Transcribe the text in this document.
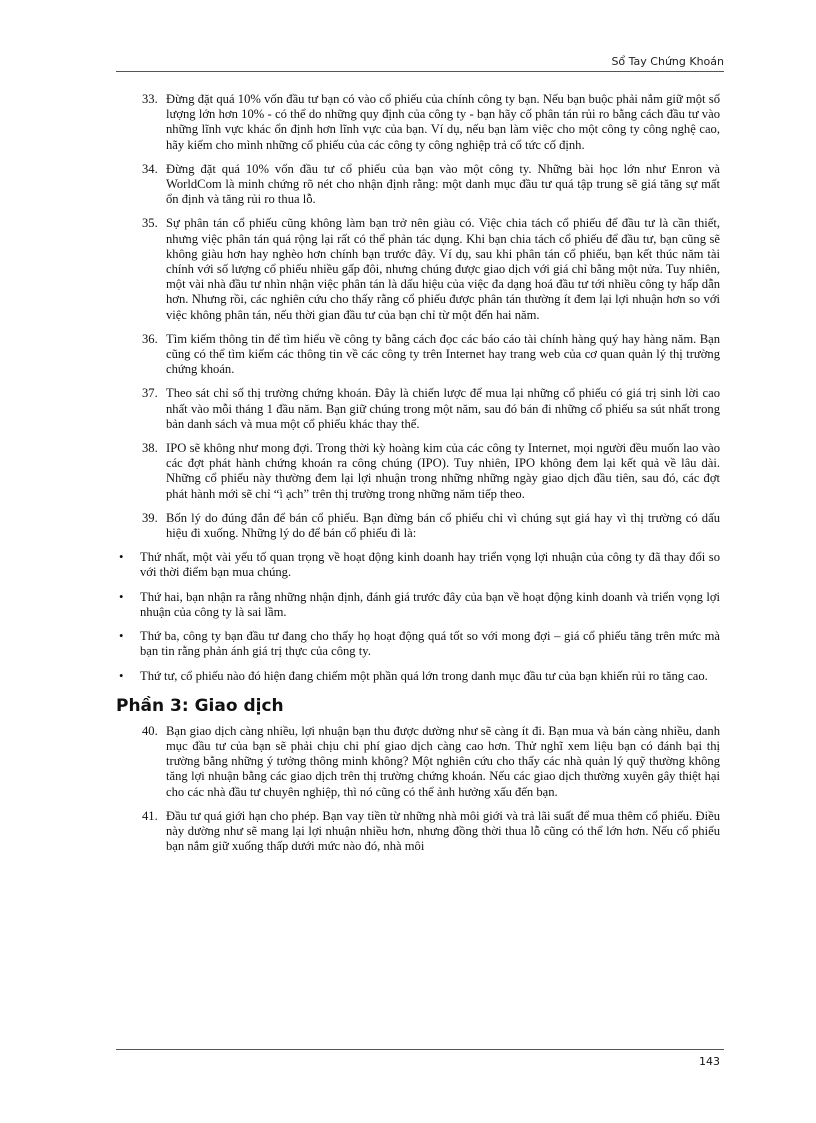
Sổ Tay Chứng Khoán
33. Đừng đặt quá 10% vốn đầu tư bạn có vào cổ phiếu của chính công ty bạn. Nếu bạn buộc phải nắm giữ một số lượng lớn hơn 10% - có thể do những quy định của công ty - bạn hãy cố phân tán rủi ro bằng cách đầu tư vào những lĩnh vực khác ổn định hơn lĩnh vực của bạn. Ví dụ, nếu bạn làm việc cho một công ty công nghệ cao, hãy kiếm cho mình những cổ phiếu của các công ty công nghiệp trả cổ tức cố định.
34. Đừng đặt quá 10% vốn đầu tư cổ phiếu của bạn vào một công ty. Những bài học lớn như Enron và WorldCom là minh chứng rõ nét cho nhận định rằng: một danh mục đầu tư quá tập trung sẽ giá tăng sự mất ổn định và tăng rủi ro thua lỗ.
35. Sự phân tán cổ phiếu cũng không làm bạn trở nên giàu có. Việc chia tách cổ phiếu để đầu tư là cần thiết, nhưng việc phân tán quá rộng lại rất có thể phản tác dụng. Khi bạn chia tách cổ phiếu để đầu tư, bạn cũng sẽ không giàu hơn hay nghèo hơn chính bạn trước đây. Ví dụ, sau khi phân tán cổ phiếu, bạn kết thúc năm tài chính với số lượng cổ phiếu nhiều gấp đôi, nhưng chúng được giao dịch với giá chỉ bằng một nửa. Tuy nhiên, một vài nhà đầu tư nhìn nhận việc phân tán là dấu hiệu của việc đa dạng hoá đầu tư tới nhiều công ty hấp dẫn hơn. Nhưng rồi, các nghiên cứu cho thấy rằng cổ phiếu được phân tán thường ít đem lại lợi nhuận hơn so với việc không phân tán, nếu thời gian đầu tư của bạn chỉ từ một đến hai năm.
36. Tìm kiếm thông tin để tìm hiểu về công ty bằng cách đọc các báo cáo tài chính hàng quý hay hàng năm. Bạn cũng có thể tìm kiếm các thông tin về các công ty trên Internet hay trang web của cơ quan quản lý thị trường chứng khoán.
37. Theo sát chỉ số thị trường chứng khoán. Đây là chiến lược để mua lại những cổ phiếu có giá trị sinh lời cao nhất vào mỗi tháng 1 đầu năm. Bạn giữ chúng trong một năm, sau đó bán đi những cổ phiếu sa sút nhất trong bản danh sách và mua một cổ phiếu khác thay thế.
38. IPO sẽ không như mong đợi. Trong thời kỳ hoàng kim của các công ty Internet, mọi người đều muốn lao vào các đợt phát hành chứng khoán ra công chúng (IPO). Tuy nhiên, IPO không đem lại kết quả về lâu dài. Những cổ phiếu này thường đem lại lợi nhuận trong những những ngày giao dịch đầu tiên, sau đó, các đợt phát hành mới sẽ chỉ “ì ạch” trên thị trường trong những năm tiếp theo.
39. Bốn lý do đúng đắn để bán cổ phiếu. Bạn đừng bán cổ phiếu chỉ vì chúng sụt giá hay vì thị trường có dấu hiệu đi xuống. Những lý do để bán cổ phiếu đi là:
• Thứ nhất, một vài yếu tố quan trọng về hoạt động kinh doanh hay triển vọng lợi nhuận của công ty đã thay đổi so với thời điểm bạn mua chúng.
• Thứ hai, bạn nhận ra rằng những nhận định, đánh giá trước đây của bạn về hoạt động kinh doanh và triển vọng lợi nhuận của công ty là sai lầm.
• Thứ ba, công ty bạn đầu tư đang cho thấy họ hoạt động quá tốt so với mong đợi – giá cổ phiếu tăng trên mức mà bạn tin rằng phản ánh giá trị thực của công ty.
• Thứ tư, cổ phiếu nào đó hiện đang chiếm một phần quá lớn trong danh mục đầu tư của bạn khiến rủi ro tăng cao.
Phần 3: Giao dịch
40. Bạn giao dịch càng nhiều, lợi nhuận bạn thu được dường như sẽ càng ít đi. Bạn mua và bán càng nhiều, danh mục đầu tư của bạn sẽ phải chịu chi phí giao dịch càng cao hơn. Thử nghĩ xem liệu bạn có đánh bại thị trường bằng những ý tưởng thông minh không? Một nghiên cứu cho thấy các nhà quản lý quỹ thường không tăng lợi nhuận bằng các giao dịch trên thị trường chứng khoán. Nếu các giao dịch thường xuyên gây thiệt hại cho các nhà đầu tư chuyên nghiệp, thì nó cũng có thể ảnh hưởng xấu đến bạn.
41. Đầu tư quá giới hạn cho phép. Bạn vay tiền từ những nhà môi giới và trả lãi suất để mua thêm cổ phiếu. Điều này dường như sẽ mang lại lợi nhuận nhiều hơn, nhưng đồng thời thua lỗ cũng có thể lớn hơn. Nếu cổ phiếu bạn nắm giữ xuống thấp dưới mức nào đó, nhà môi
143
